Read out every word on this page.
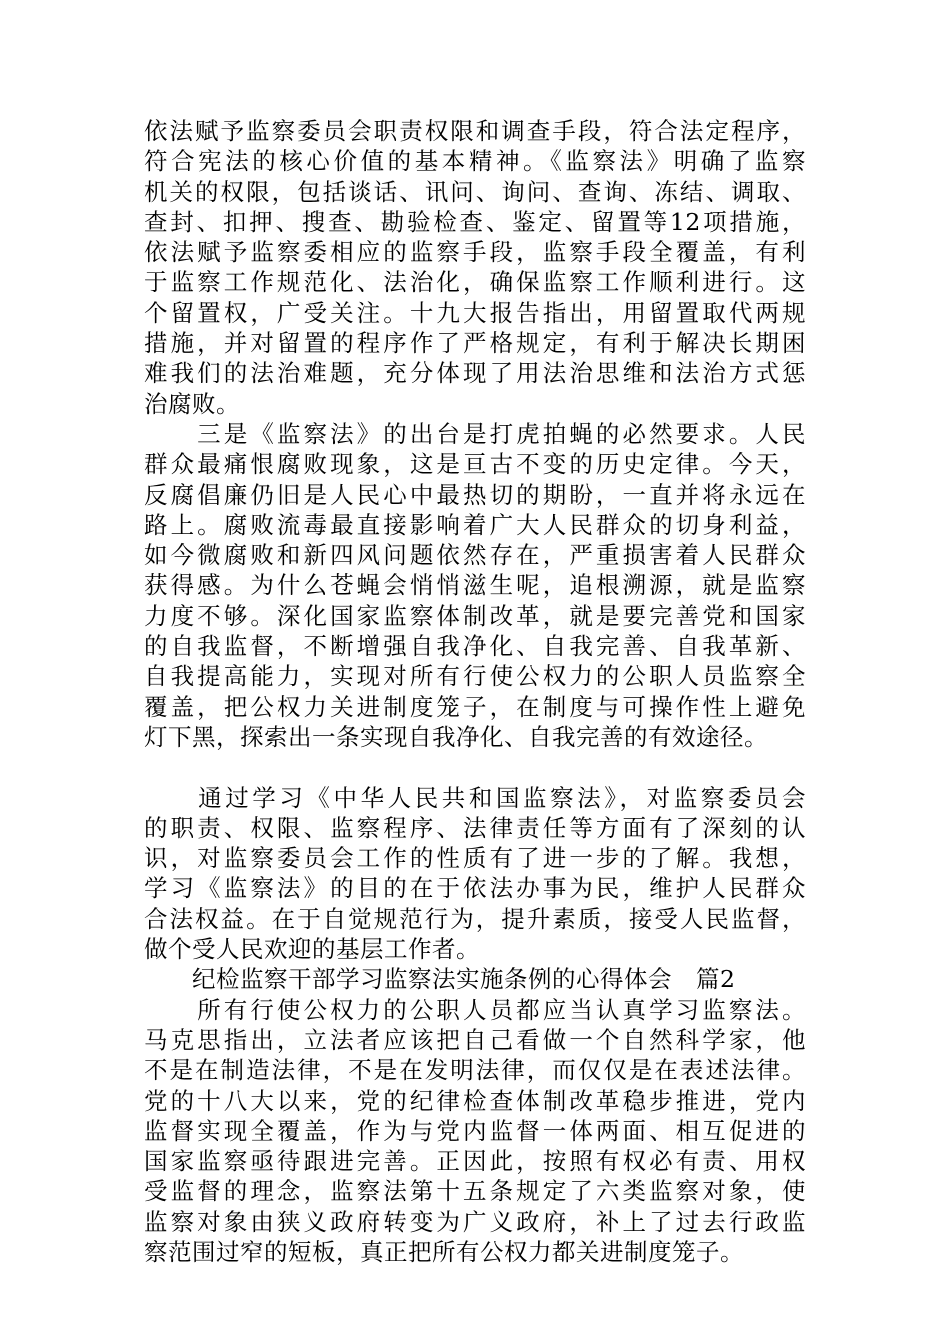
依法赋予监察委员会职责权限和调查手段，符合法定程序，
符合宪法的核心价值的基本精神。《监察法》明确了监察
机关的权限，包括谈话、讯问、询问、查询、冻结、调取、
查封、扣押、搜查、勘验检查、鉴定、留置等12项措施，
依法赋予监察委相应的监察手段，监察手段全覆盖，有利
于监察工作规范化、法治化，确保监察工作顺利进行。这
个留置权，广受关注。十九大报告指出，用留置取代两规
措施，并对留置的程序作了严格规定，有利于解决长期困
难我们的法治难题，充分体现了用法治思维和法治方式惩
治腐败。
　　三是《监察法》的出台是打虎拍蝇的必然要求。人民
群众最痛恨腐败现象，这是亘古不变的历史定律。今天，
反腐倡廉仍旧是人民心中最热切的期盼，一直并将永远在
路上。腐败流毒最直接影响着广大人民群众的切身利益，
如今微腐败和新四风问题依然存在，严重损害着人民群众
获得感。为什么苍蝇会悄悄滋生呢，追根溯源，就是监察
力度不够。深化国家监察体制改革，就是要完善党和国家
的自我监督，不断增强自我净化、自我完善、自我革新、
自我提高能力，实现对所有行使公权力的公职人员监察全
覆盖，把公权力关进制度笼子，在制度与可操作性上避免
灯下黑，探索出一条实现自我净化、自我完善的有效途径。
　　通过学习《中华人民共和国监察法》，对监察委员会
的职责、权限、监察程序、法律责任等方面有了深刻的认
识，对监察委员会工作的性质有了进一步的了解。我想，
学习《监察法》的目的在于依法办事为民，维护人民群众
合法权益。在于自觉规范行为，提升素质，接受人民监督，
做个受人民欢迎的基层工作者。
　　纪检监察干部学习监察法实施条例的心得体会　篇2
　　所有行使公权力的公职人员都应当认真学习监察法。
马克思指出，立法者应该把自己看做一个自然科学家，他
不是在制造法律，不是在发明法律，而仅仅是在表述法律。
党的十八大以来，党的纪律检查体制改革稳步推进，党内
监督实现全覆盖，作为与党内监督一体两面、相互促进的
国家监察亟待跟进完善。正因此，按照有权必有责、用权
受监督的理念，监察法第十五条规定了六类监察对象，使
监察对象由狭义政府转变为广义政府，补上了过去行政监
察范围过窄的短板，真正把所有公权力都关进制度笼子。
